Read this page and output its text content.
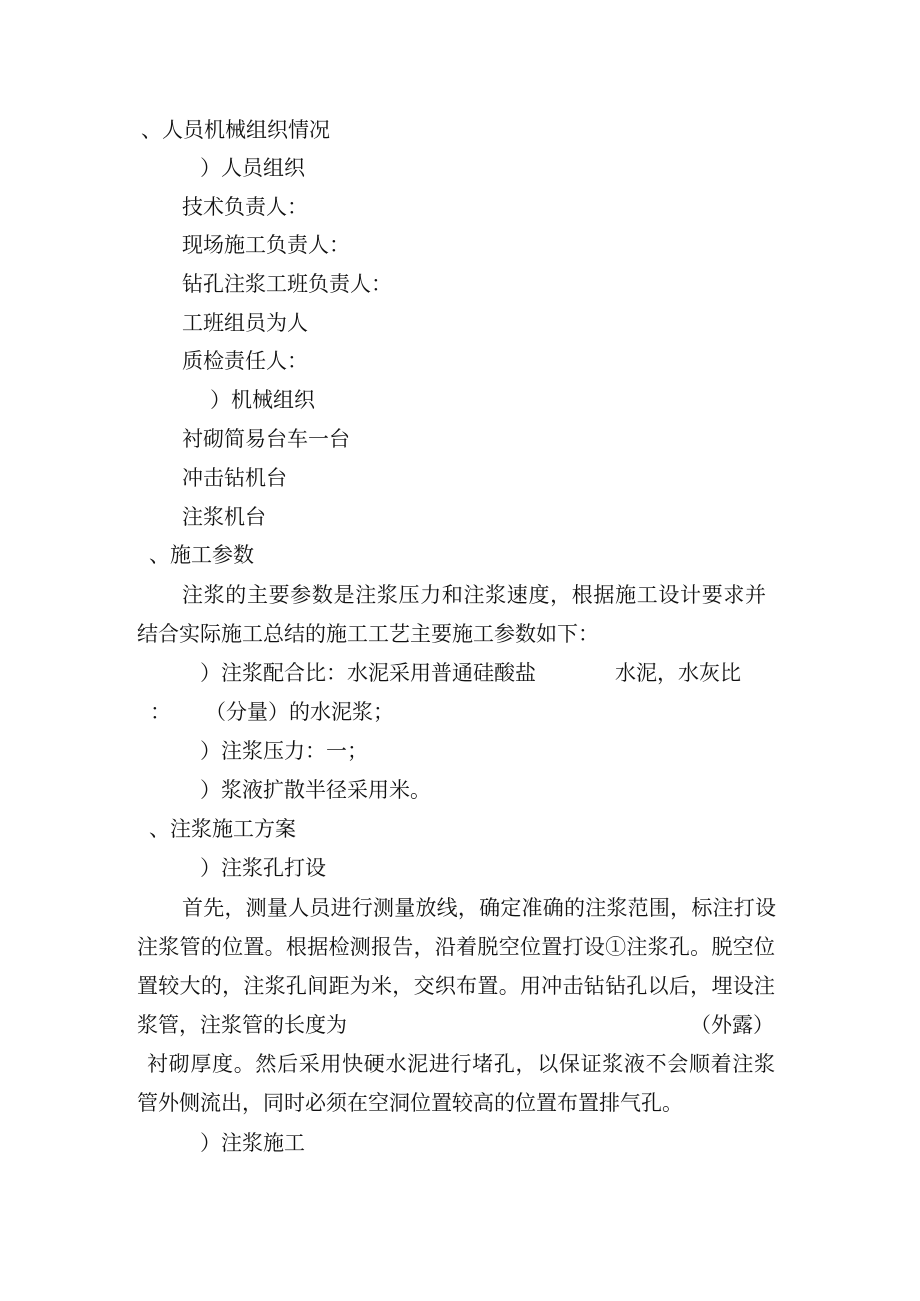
、人员机械组织情况
）人员组织
技术负责人：
现场施工负责人：
钻孔注浆工班负责人：
工班组员为人
质检责任人：
）机械组织
衬砌简易台车一台
冲击钻机台
注浆机台
、施工参数
注浆的主要参数是注浆压力和注浆速度，根据施工设计要求并
结合实际施工总结的施工工艺主要施工参数如下：
）注浆配合比：水泥采用普通硅酸盐	水泥，水灰比
： （分量）的水泥浆；
）注浆压力：一；
）浆液扩散半径采用米。
、注浆施工方案
）注浆孔打设
首先，测量人员进行测量放线，确定准确的注浆范围，标注打设
注浆管的位置。根据检测报告，沿着脱空位置打设①注浆孔。脱空位
置较大的，注浆孔间距为米，交织布置。用冲击钻钻孔以后，埋设注
浆管，注浆管的长度为	（外露）
衬砌厚度。然后采用快硬水泥进行堵孔，以保证浆液不会顺着注浆
管外侧流出，同时必须在空洞位置较高的位置布置排气孔。
）注浆施工
